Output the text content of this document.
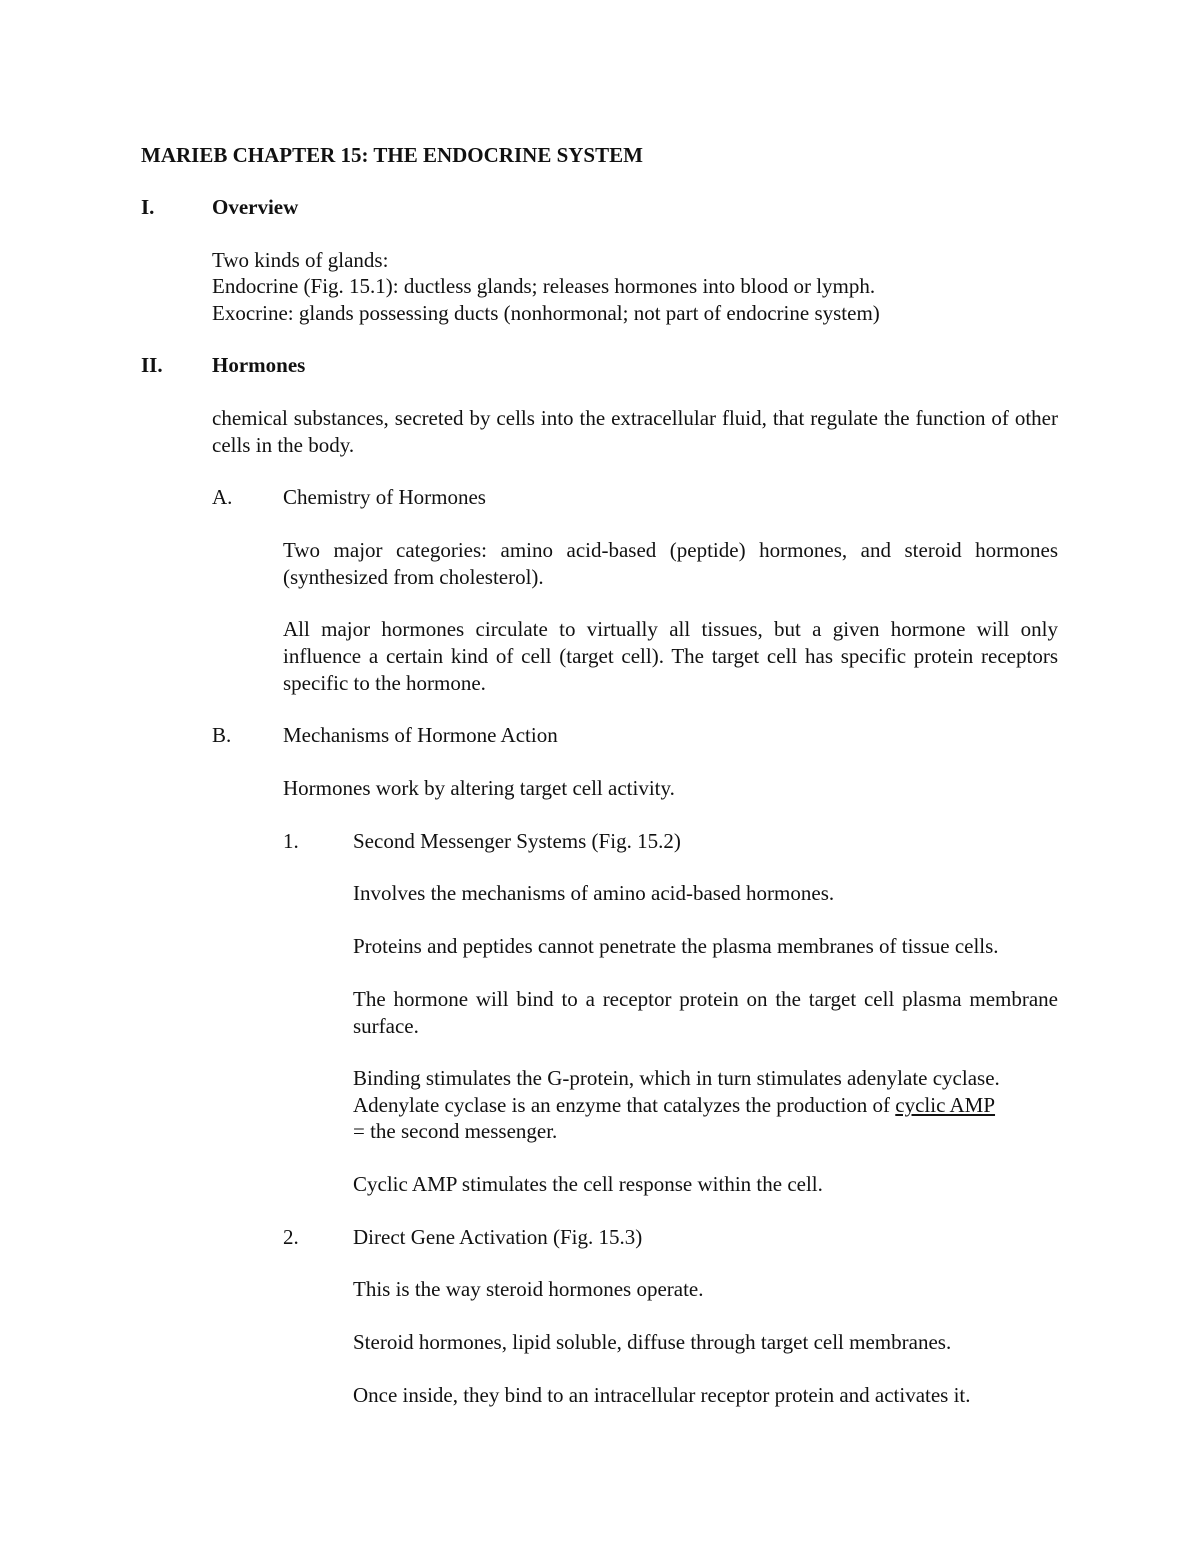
MARIEB CHAPTER 15: THE ENDOCRINE SYSTEM
I.	Overview
Two kinds of glands:
Endocrine (Fig. 15.1): ductless glands; releases hormones into blood or lymph.
Exocrine: glands possessing ducts (nonhormonal; not part of endocrine system)
II. Hormones
chemical substances, secreted by cells into the extracellular fluid, that regulate the function of other cells in the body.
A. Chemistry of Hormones
Two major categories: amino acid-based (peptide) hormones, and steroid hormones (synthesized from cholesterol).
All major hormones circulate to virtually all tissues, but a given hormone will only influence a certain kind of cell (target cell). The target cell has specific protein receptors specific to the hormone.
B. Mechanisms of Hormone Action
Hormones work by altering target cell activity.
1.	Second Messenger Systems (Fig. 15.2)
Involves the mechanisms of amino acid-based hormones.
Proteins and peptides cannot penetrate the plasma membranes of tissue cells.
The hormone will bind to a receptor protein on the target cell plasma membrane surface.
Binding stimulates the G-protein, which in turn stimulates adenylate cyclase.
Adenylate cyclase is an enzyme that catalyzes the production of cyclic AMP
= the second messenger.
Cyclic AMP stimulates the cell response within the cell.
2.	Direct Gene Activation (Fig. 15.3)
This is the way steroid hormones operate.
Steroid hormones, lipid soluble, diffuse through target cell membranes.
Once inside, they bind to an intracellular receptor protein and activates it.
